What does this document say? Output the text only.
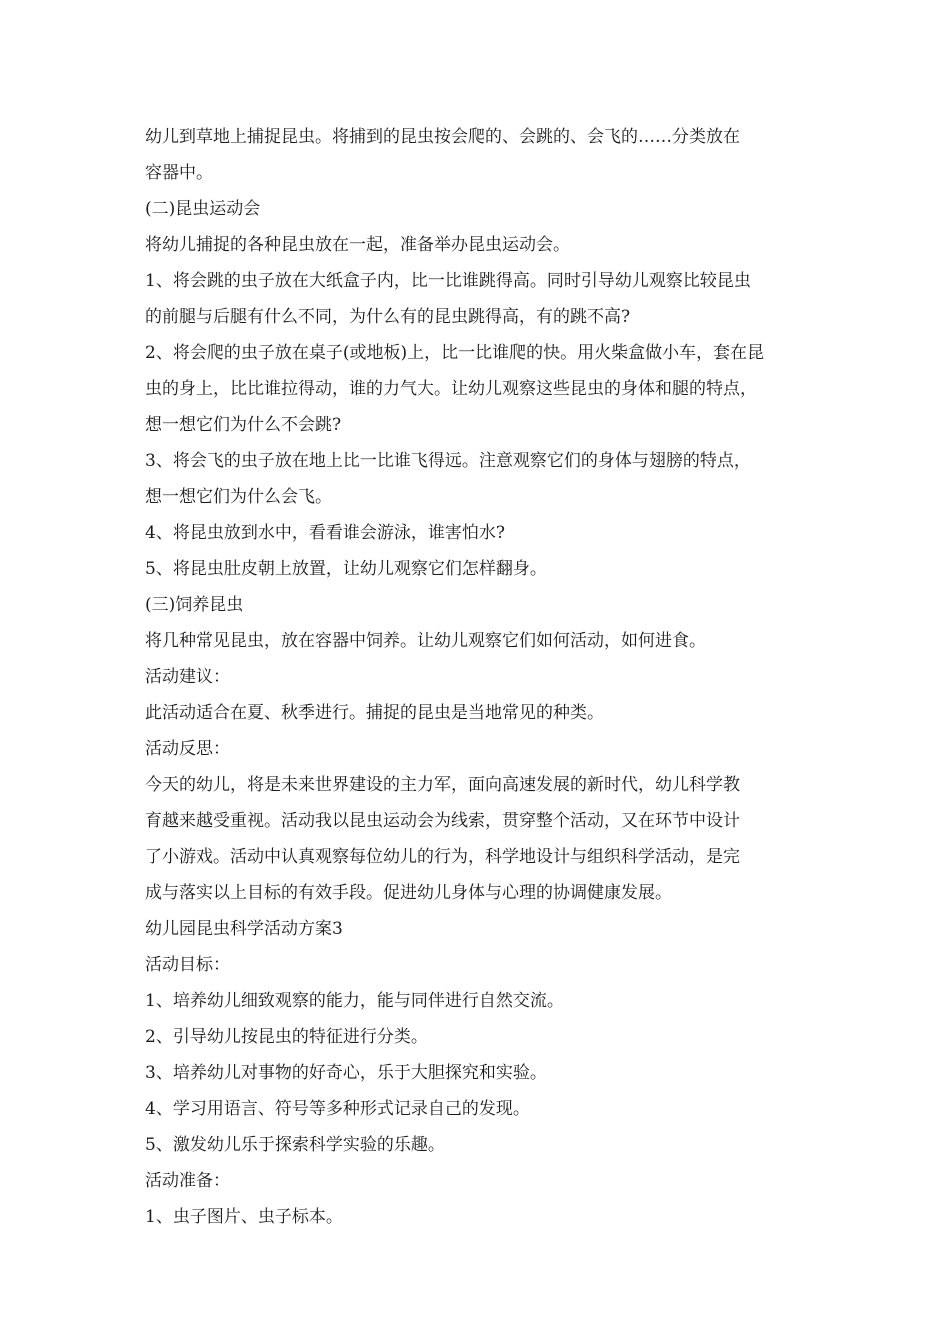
幼儿到草地上捕捉昆虫。将捕到的昆虫按会爬的、会跳的、会飞的……分类放在
容器中。
(二)昆虫运动会
将幼儿捕捉的各种昆虫放在一起，准备举办昆虫运动会。
1、将会跳的虫子放在大纸盒子内，比一比谁跳得高。同时引导幼儿观察比较昆虫
的前腿与后腿有什么不同，为什么有的昆虫跳得高，有的跳不高?
2、将会爬的虫子放在桌子(或地板)上，比一比谁爬的快。用火柴盒做小车，套在昆
虫的身上，比比谁拉得动，谁的力气大。让幼儿观察这些昆虫的身体和腿的特点，
想一想它们为什么不会跳?
3、将会飞的虫子放在地上比一比谁飞得远。注意观察它们的身体与翅膀的特点，
想一想它们为什么会飞。
4、将昆虫放到水中，看看谁会游泳，谁害怕水?
5、将昆虫肚皮朝上放置，让幼儿观察它们怎样翻身。
(三)饲养昆虫
将几种常见昆虫，放在容器中饲养。让幼儿观察它们如何活动，如何进食。
活动建议：
此活动适合在夏、秋季进行。捕捉的昆虫是当地常见的种类。
活动反思：
今天的幼儿，将是未来世界建设的主力军，面向高速发展的新时代，幼儿科学教
育越来越受重视。活动我以昆虫运动会为线索，贯穿整个活动，又在环节中设计
了小游戏。活动中认真观察每位幼儿的行为，科学地设计与组织科学活动，是完
成与落实以上目标的有效手段。促进幼儿身体与心理的协调健康发展。
幼儿园昆虫科学活动方案3
活动目标：
1、培养幼儿细致观察的能力，能与同伴进行自然交流。
2、引导幼儿按昆虫的特征进行分类。
3、培养幼儿对事物的好奇心，乐于大胆探究和实验。
4、学习用语言、符号等多种形式记录自己的发现。
5、激发幼儿乐于探索科学实验的乐趣。
活动准备：
1、虫子图片、虫子标本。
